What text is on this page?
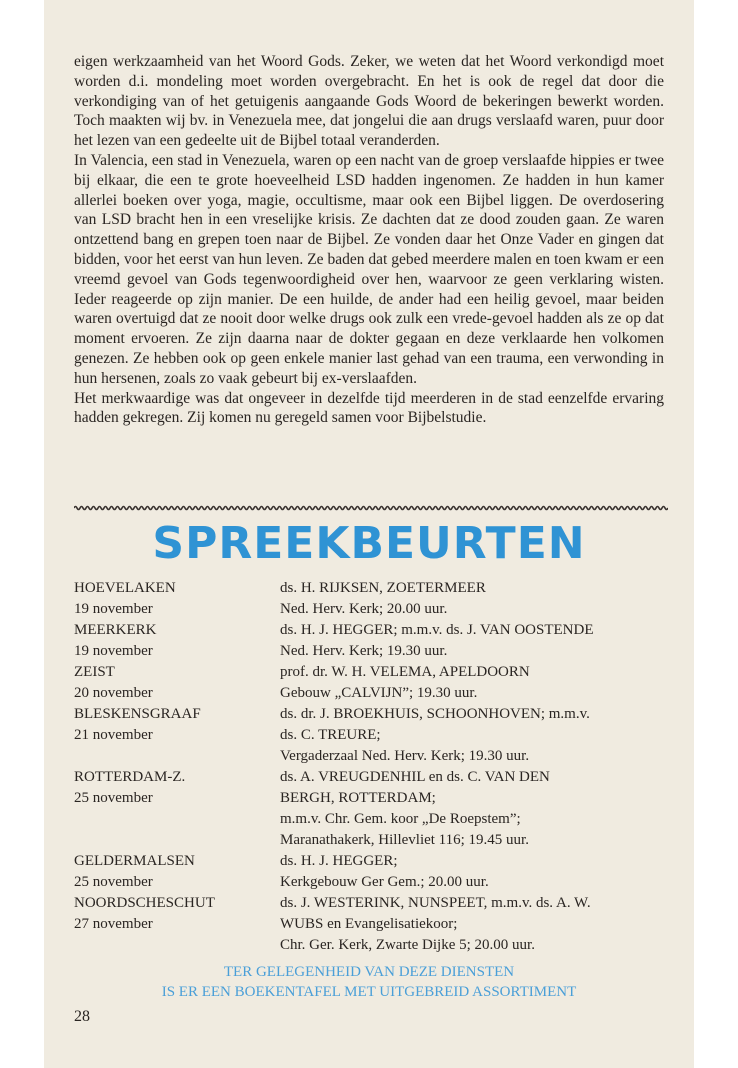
eigen werkzaamheid van het Woord Gods. Zeker, we weten dat het Woord verkondigd moet worden d.i. mondeling moet worden overgebracht. En het is ook de regel dat door die verkondiging van of het getuigenis aangaande Gods Woord de bekeringen bewerkt worden. Toch maakten wij bv. in Venezuela mee, dat jongelui die aan drugs verslaafd waren, puur door het lezen van een gedeelte uit de Bijbel totaal veranderden.

In Valencia, een stad in Venezuela, waren op een nacht van de groep verslaafde hippies er twee bij elkaar, die een te grote hoeveelheid LSD hadden ingenomen. Ze hadden in hun kamer allerlei boeken over yoga, magie, occultisme, maar ook een Bijbel liggen. De overdosering van LSD bracht hen in een vreselijke krisis. Ze dachten dat ze dood zouden gaan. Ze waren ontzettend bang en grepen toen naar de Bijbel. Ze vonden daar het Onze Vader en gingen dat bidden, voor het eerst van hun leven. Ze baden dat gebed meerdere malen en toen kwam er een vreemd gevoel van Gods tegenwoordigheid over hen, waarvoor ze geen verklaring wisten. Ieder reageerde op zijn manier. De een huilde, de ander had een heilig gevoel, maar beiden waren overtuigd dat ze nooit door welke drugs ook zulk een vrede-gevoel hadden als ze op dat moment ervoeren. Ze zijn daarna naar de dokter gegaan en deze verklaarde hen volkomen genezen. Ze hebben ook op geen enkele manier last gehad van een trauma, een verwonding in hun hersenen, zoals zo vaak gebeurt bij ex-verslaafden.

Het merkwaardige was dat ongeveer in dezelfde tijd meerderen in de stad eenzelfde ervaring hadden gekregen. Zij komen nu geregeld samen voor Bijbelstudie.

SPREEKBEURTEN
HOEVELAKEN
19 november
ds. H. RIJKSEN, ZOETERMEER
Ned. Herv. Kerk; 20.00 uur.
MEERKERK
19 november
ds. H. J. HEGGER; m.m.v. ds. J. VAN OOSTENDE
Ned. Herv. Kerk; 19.30 uur.
ZEIST
20 november
prof. dr. W. H. VELEMA, APELDOORN
Gebouw „CALVIJN”; 19.30 uur.
BLESKENSGRAAF
21 november
ds. dr. J. BROEKHUIS, SCHOONHOVEN; m.m.v.
ds. C. TREURE;
Vergaderzaal Ned. Herv. Kerk; 19.30 uur.
ROTTERDAM-Z.
25 november
ds. A. VREUGDENHIL en ds. C. VAN DEN
BERGH, ROTTERDAM;
m.m.v. Chr. Gem. koor „De Roepstem”;
Maranathakerk, Hillevliet 116; 19.45 uur.
GELDERMALSEN
25 november
ds. H. J. HEGGER;
Kerkgebouw Ger Gem.; 20.00 uur.
NOORDSCHESCHUT
27 november
ds. J. WESTERINK, NUNSPEET, m.m.v. ds. A. W.
WUBS en Evangelisatiekoor;
Chr. Ger. Kerk, Zwarte Dijke 5; 20.00 uur.
TER GELEGENHEID VAN DEZE DIENSTEN
IS ER EEN BOEKENTAFEL MET UITGEBREID ASSORTIMENT
28
